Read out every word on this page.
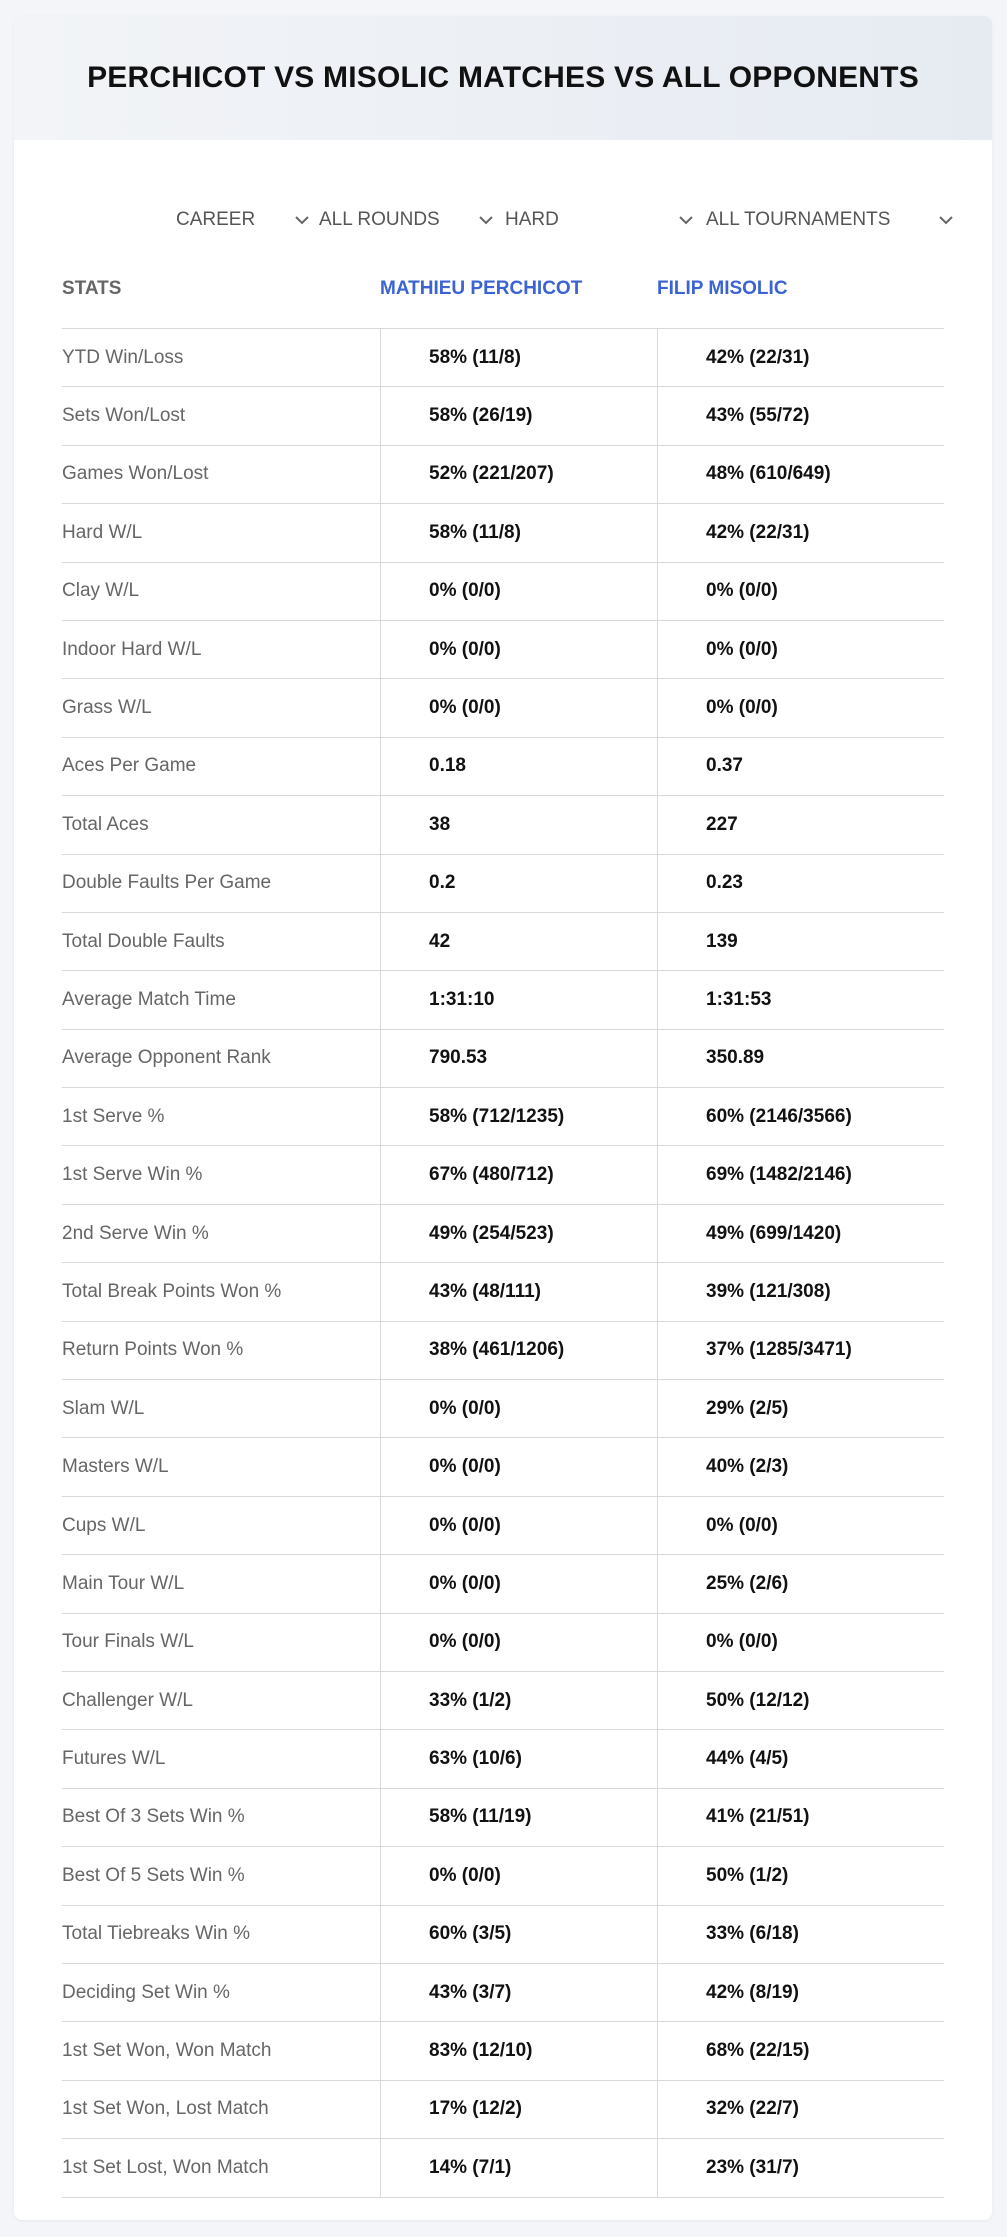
PERCHICOT VS MISOLIC MATCHES VS ALL OPPONENTS
CAREER	ALL ROUNDS	HARD	ALL TOURNAMENTS
STATS	MATHIEU PERCHICOT	FILIP MISOLIC
YTD Win/Loss	58% (11/8)	42% (22/31)
Sets Won/Lost	58% (26/19)	43% (55/72)
Games Won/Lost	52% (221/207)	48% (610/649)
Hard W/L	58% (11/8)	42% (22/31)
Clay W/L	0% (0/0)	0% (0/0)
Indoor Hard W/L	0% (0/0)	0% (0/0)
Grass W/L	0% (0/0)	0% (0/0)
Aces Per Game	0.18	0.37
Total Aces	38	227
Double Faults Per Game	0.2	0.23
Total Double Faults	42	139
Average Match Time	1:31:10	1:31:53
Average Opponent Rank	790.53	350.89
1st Serve %	58% (712/1235)	60% (2146/3566)
1st Serve Win %	67% (480/712)	69% (1482/2146)
2nd Serve Win %	49% (254/523)	49% (699/1420)
Total Break Points Won %	43% (48/111)	39% (121/308)
Return Points Won %	38% (461/1206)	37% (1285/3471)
Slam W/L	0% (0/0)	29% (2/5)
Masters W/L	0% (0/0)	40% (2/3)
Cups W/L	0% (0/0)	0% (0/0)
Main Tour W/L	0% (0/0)	25% (2/6)
Tour Finals W/L	0% (0/0)	0% (0/0)
Challenger W/L	33% (1/2)	50% (12/12)
Futures W/L	63% (10/6)	44% (4/5)
Best Of 3 Sets Win %	58% (11/19)	41% (21/51)
Best Of 5 Sets Win %	0% (0/0)	50% (1/2)
Total Tiebreaks Win %	60% (3/5)	33% (6/18)
Deciding Set Win %	43% (3/7)	42% (8/19)
1st Set Won, Won Match	83% (12/10)	68% (22/15)
1st Set Won, Lost Match	17% (12/2)	32% (22/7)
1st Set Lost, Won Match	14% (7/1)	23% (31/7)
